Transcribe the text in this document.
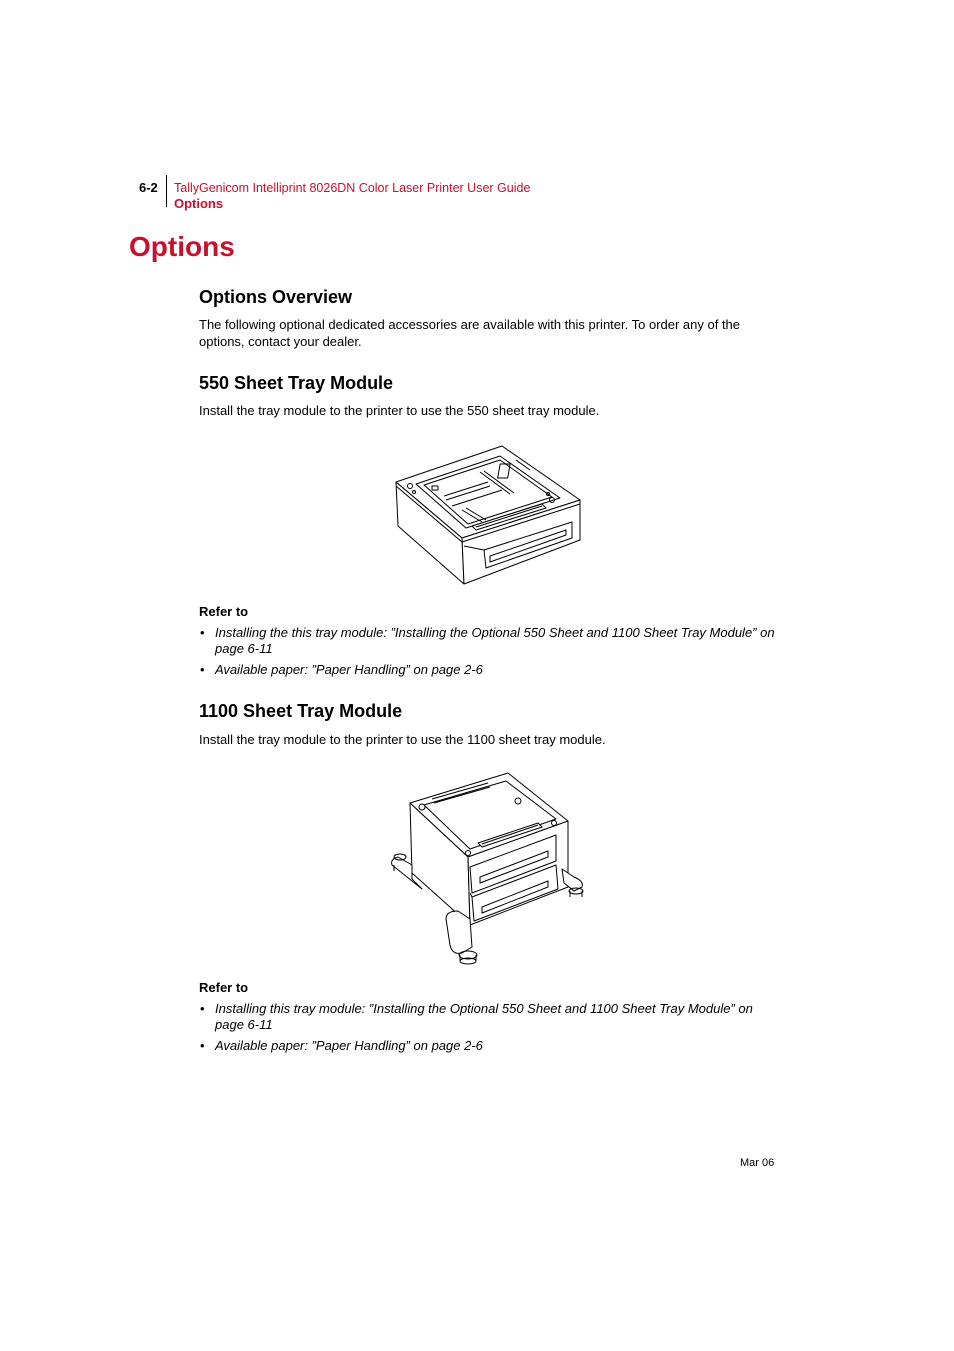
6-2	TallyGenicom Intelliprint 8026DN Color Laser Printer User Guide
Options
Options
Options Overview

The following optional dedicated accessories are available with this printer. To order any of the options, contact your dealer.

550 Sheet Tray Module

Install the tray module to the printer to use the 550 sheet tray module.

Refer to
• Installing the this tray module: ”Installing the Optional 550 Sheet and 1100 Sheet Tray Module” on page 6-11
• Available paper: ”Paper Handling” on page 2-6
1100 Sheet Tray Module

Install the tray module to the printer to use the 1100 sheet tray module.

Refer to
• Installing this tray module: ”Installing the Optional 550 Sheet and 1100 Sheet Tray Module” on page 6-11
• Available paper: ”Paper Handling” on page 2-6
Mar 06
